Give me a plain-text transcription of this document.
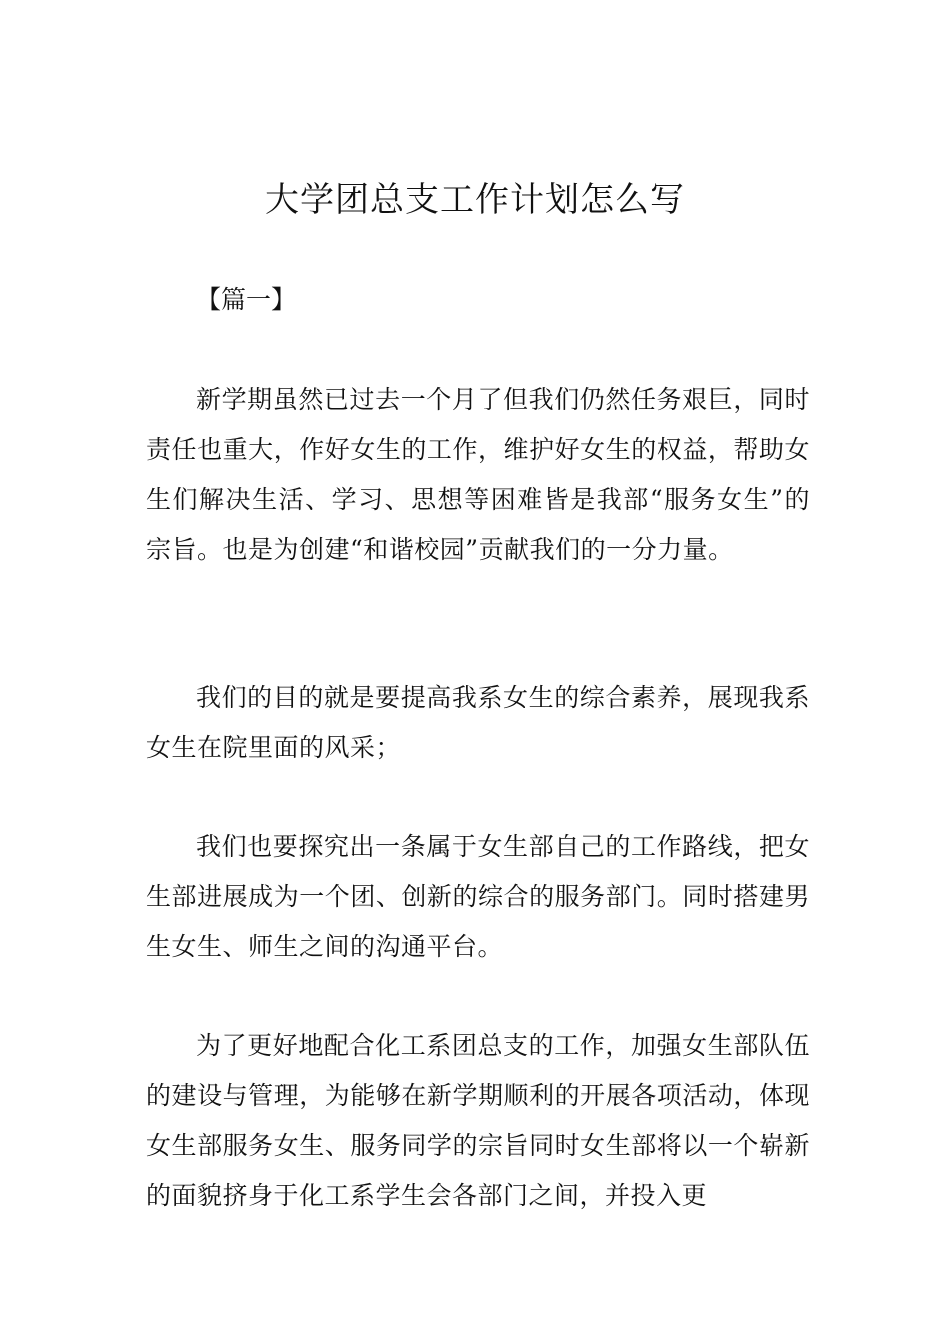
大学团总支工作计划怎么写

【篇一】

新学期虽然已过去一个月了但我们仍然任务艰巨，同时责任也重大，作好女生的工作，维护好女生的权益，帮助女生们解决生活、学习、思想等困难皆是我部“服务女生”的宗旨。也是为创建“和谐校园”贡献我们的一分力量。

我们的目的就是要提高我系女生的综合素养，展现我系女生在院里面的风采；

我们也要探究出一条属于女生部自己的工作路线，把女生部进展成为一个团、创新的综合的服务部门。同时搭建男生女生、师生之间的沟通平台。

为了更好地配合化工系团总支的工作，加强女生部队伍的建设与管理，为能够在新学期顺利的开展各项活动，体现女生部服务女生、服务同学的宗旨同时女生部将以一个崭新的面貌挤身于化工系学生会各部门之间，并投入更
